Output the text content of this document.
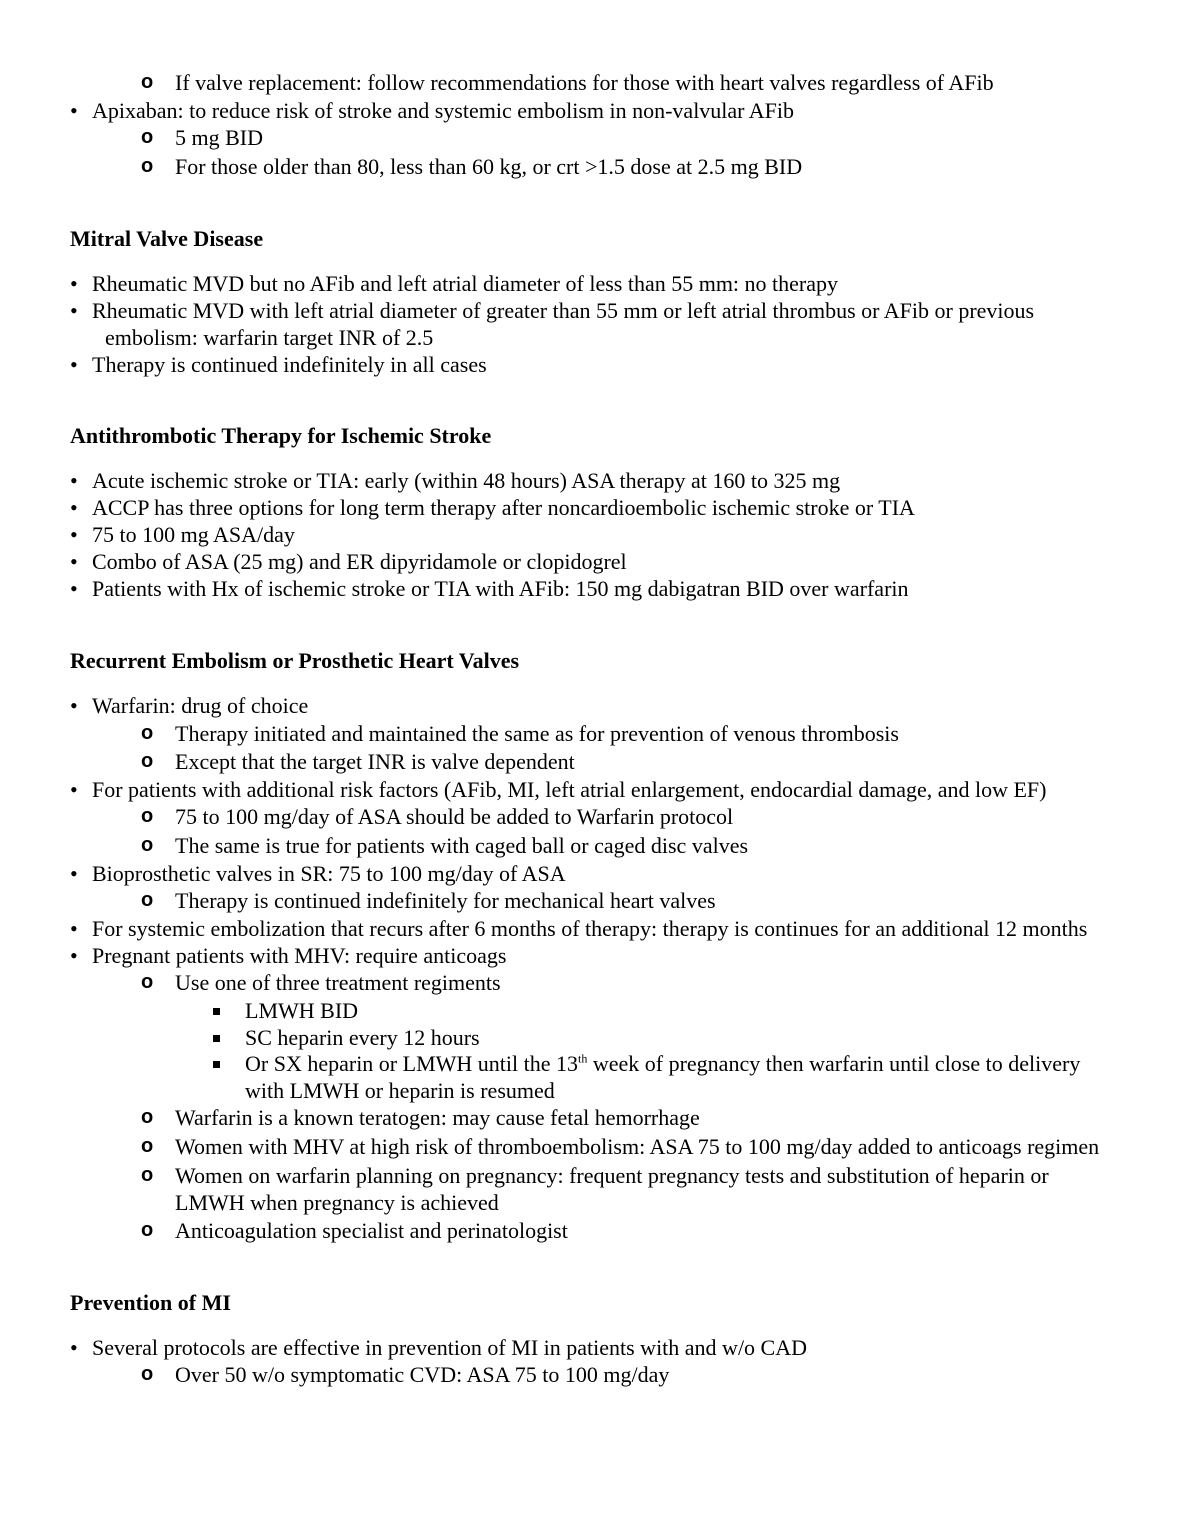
o If valve replacement: follow recommendations for those with heart valves regardless of AFib
• Apixaban: to reduce risk of stroke and systemic embolism in non-valvular AFib
o 5 mg BID
o For those older than 80, less than 60 kg, or crt >1.5 dose at 2.5 mg BID
Mitral Valve Disease
• Rheumatic MVD but no AFib and left atrial diameter of less than 55 mm: no therapy
• Rheumatic MVD with left atrial diameter of greater than 55 mm or left atrial thrombus or AFib or previous embolism: warfarin target INR of 2.5
• Therapy is continued indefinitely in all cases
Antithrombotic Therapy for Ischemic Stroke
• Acute ischemic stroke or TIA: early (within 48 hours) ASA therapy at 160 to 325 mg
• ACCP has three options for long term therapy after noncardioembolic ischemic stroke or TIA
• 75 to 100 mg ASA/day
• Combo of ASA (25 mg) and ER dipyridamole or clopidogrel
• Patients with Hx of ischemic stroke or TIA with AFib: 150 mg dabigatran BID over warfarin
Recurrent Embolism or Prosthetic Heart Valves
• Warfarin: drug of choice
o Therapy initiated and maintained the same as for prevention of venous thrombosis
o Except that the target INR is valve dependent
• For patients with additional risk factors (AFib, MI, left atrial enlargement, endocardial damage, and low EF)
o 75 to 100 mg/day of ASA should be added to Warfarin protocol
o The same is true for patients with caged ball or caged disc valves
• Bioprosthetic valves in SR: 75 to 100 mg/day of ASA
o Therapy is continued indefinitely for mechanical heart valves
• For systemic embolization that recurs after 6 months of therapy: therapy is continues for an additional 12 months
• Pregnant patients with MHV: require anticoags
o Use one of three treatment regiments
LMWH BID
SC heparin every 12 hours
Or SX heparin or LMWH until the 13th week of pregnancy then warfarin until close to delivery with LMWH or heparin is resumed
o Warfarin is a known teratogen: may cause fetal hemorrhage
o Women with MHV at high risk of thromboembolism: ASA 75 to 100 mg/day added to anticoags regimen
o Women on warfarin planning on pregnancy: frequent pregnancy tests and substitution of heparin or LMWH when pregnancy is achieved
o Anticoagulation specialist and perinatologist
Prevention of MI
• Several protocols are effective in prevention of MI in patients with and w/o CAD
o Over 50 w/o symptomatic CVD: ASA 75 to 100 mg/day
